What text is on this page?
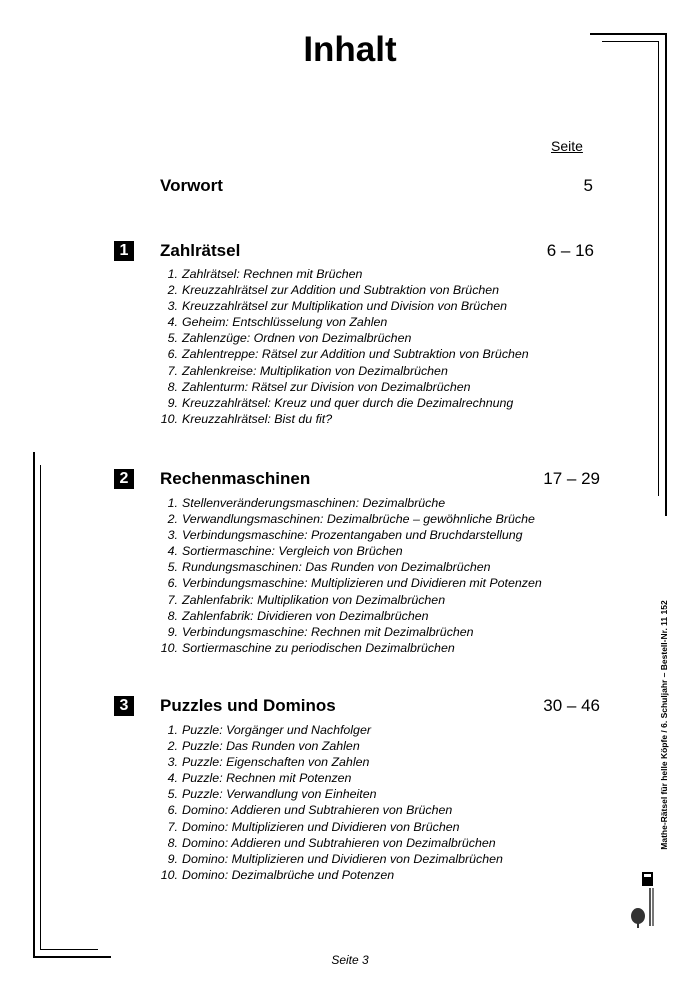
Inhalt
Seite
Vorwort	5
1	Zahlrätsel	6 – 16
1. Zahlrätsel: Rechnen mit Brüchen
2. Kreuzzahlrätsel zur Addition und Subtraktion von Brüchen
3. Kreuzzahlrätsel zur Multiplikation und Division von Brüchen
4. Geheim: Entschlüsselung von Zahlen
5. Zahlenzüge: Ordnen von Dezimalbrüchen
6. Zahlentreppe: Rätsel zur Addition und Subtraktion von Brüchen
7. Zahlenkreise: Multiplikation von Dezimalbrüchen
8. Zahlenturm: Rätsel zur Division von Dezimalbrüchen
9. Kreuzzahlrätsel: Kreuz und quer durch die Dezimalrechnung
10. Kreuzzahlrätsel: Bist du fit?
2	Rechenmaschinen	17 – 29
1. Stellenveränderungsmaschinen: Dezimalbrüche
2. Verwandlungsmaschinen: Dezimalbrüche – gewöhnliche Brüche
3. Verbindungsmaschine: Prozentangaben und Bruchdarstellung
4. Sortiermaschine: Vergleich von Brüchen
5. Rundungsmaschinen: Das Runden von Dezimalbrüchen
6. Verbindungsmaschine: Multiplizieren und Dividieren mit Potenzen
7. Zahlenfabrik: Multiplikation von Dezimalbrüchen
8. Zahlenfabrik: Dividieren von Dezimalbrüchen
9. Verbindungsmaschine: Rechnen mit Dezimalbrüchen
10. Sortiermaschine zu periodischen Dezimalbrüchen
3	Puzzles und Dominos	30 – 46
1. Puzzle: Vorgänger und Nachfolger
2. Puzzle: Das Runden von Zahlen
3. Puzzle: Eigenschaften von Zahlen
4. Puzzle: Rechnen mit Potenzen
5. Puzzle: Verwandlung von Einheiten
6. Domino: Addieren und Subtrahieren von Brüchen
7. Domino: Multiplizieren und Dividieren von Brüchen
8. Domino: Addieren und Subtrahieren von Dezimalbrüchen
9. Domino: Multiplizieren und Dividieren von Dezimalbrüchen
10. Domino: Dezimalbrüche und Potenzen
Mathe-Rätsel für helle Köpfe / 6. Schuljahr – Bestell-Nr. 11 152
Seite 3
